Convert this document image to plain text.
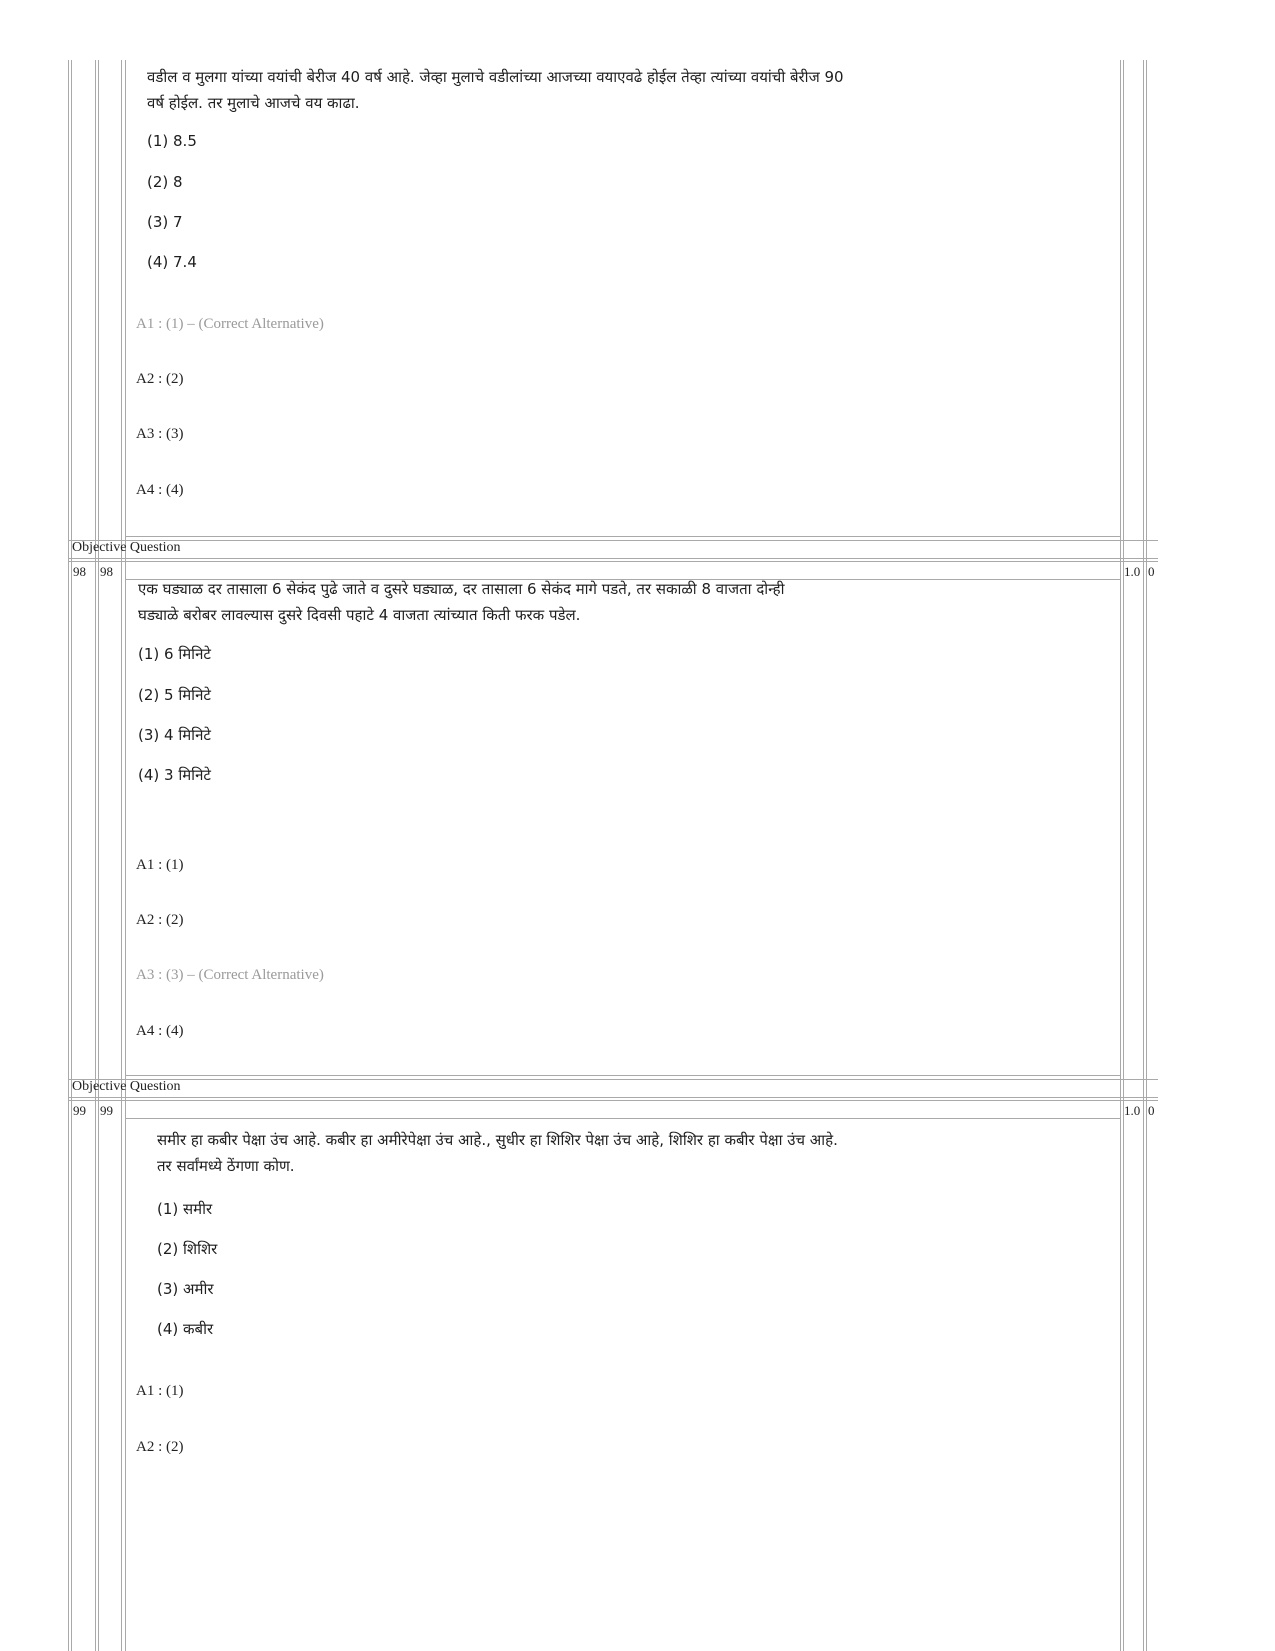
वडील व मुलगा यांच्या वयांची बेरीज 40 वर्ष आहे. जेव्हा मुलाचे वडीलांच्या आजच्या वयाएवढे होईल तेव्हा त्यांच्या वयांची बेरीज 90
वर्ष होईल. तर मुलाचे आजचे वय काढा.
(1) 8.5
(2) 8
(3) 7
(4) 7.4
A1 : (1) – (Correct Alternative)
A2 : (2)
A3 : (3)
A4 : (4)
Objective Question
98 98	1.0 0
एक घड्याळ दर तासाला 6 सेकंद पुढे जाते व दुसरे घड्याळ, दर तासाला 6 सेकंद मागे पडते, तर सकाळी 8 वाजता दोन्ही
घड्याळे बरोबर लावल्यास दुसरे दिवसी पहाटे 4 वाजता त्यांच्यात किती फरक पडेल.
(1) 6 मिनिटे
(2) 5 मिनिटे
(3) 4 मिनिटे
(4) 3 मिनिटे
A1 : (1)
A2 : (2)
A3 : (3) – (Correct Alternative)
A4 : (4)
Objective Question
99 99	1.0 0
समीर हा कबीर पेक्षा उंच आहे. कबीर हा अमीरेपेक्षा उंच आहे., सुधीर हा शिशिर पेक्षा उंच आहे, शिशिर हा कबीर पेक्षा उंच आहे.
तर सर्वांमध्ये ठेंगणा कोण.
(1) समीर
(2) शिशिर
(3) अमीर
(4) कबीर
A1 : (1)
A2 : (2)
